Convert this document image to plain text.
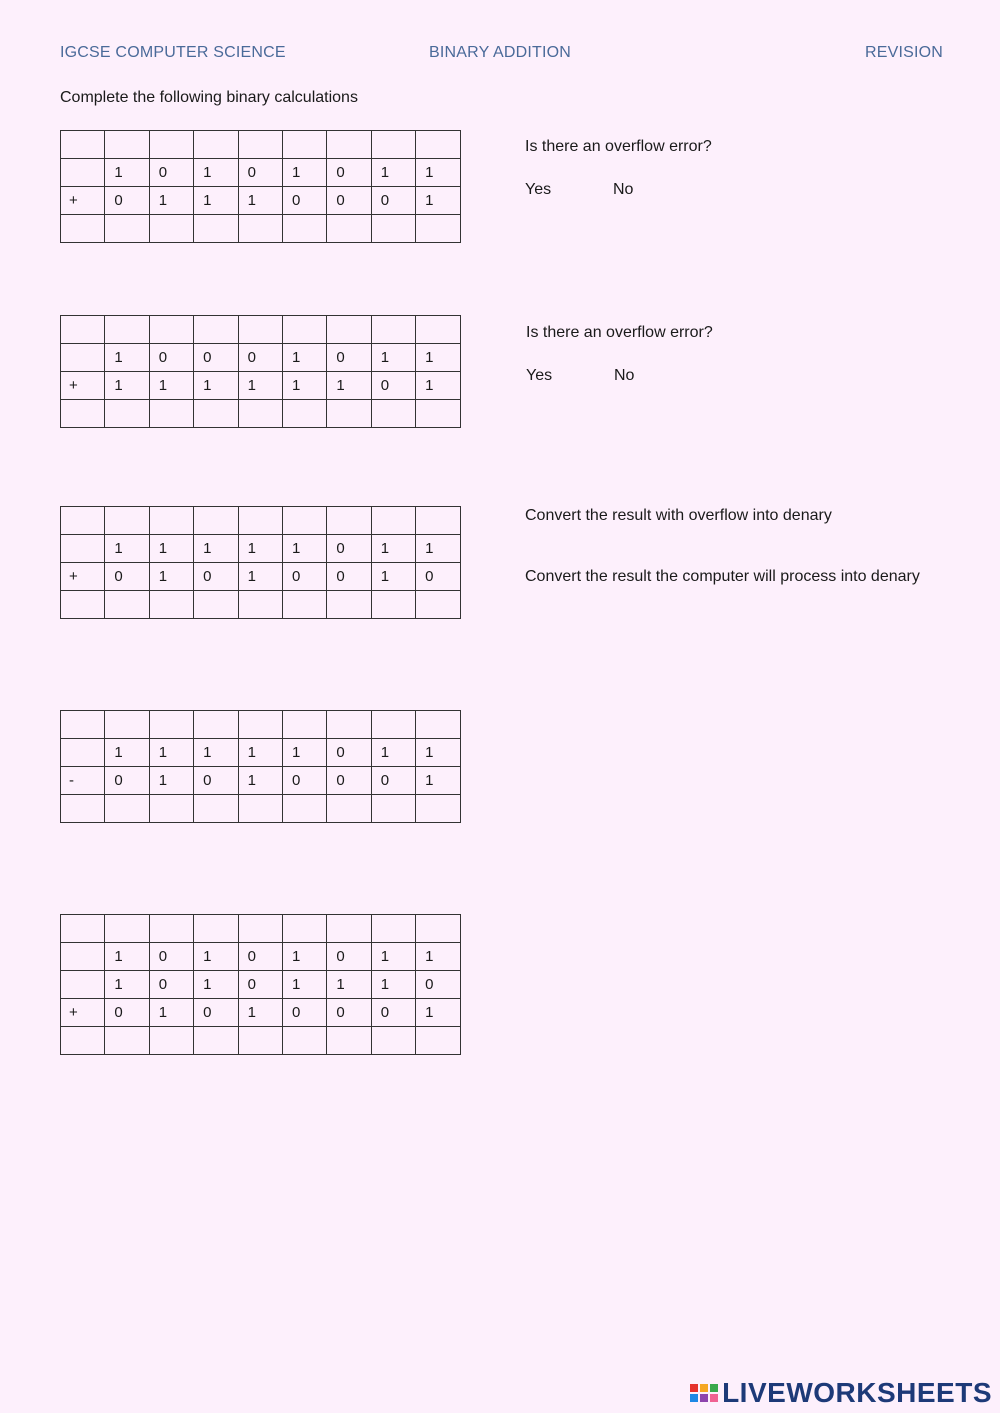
IGCSE COMPUTER SCIENCE	BINARY ADDITION	REVISION
Complete the following binary calculations

	1	0	1	0	1	0	1	1
+	0	1	1	1	0	0	0	1

	1	0	0	0	1	0	1	1
+	1	1	1	1	1	1	0	1

	1	1	1	1	1	0	1	1
+	0	1	0	1	0	0	1	0

	1	1	1	1	1	0	1	1
-	0	1	0	1	0	0	0	1

	1	0	1	0	1	0	1	1
	1	0	1	0	1	1	1	0
+	0	1	0	1	0	0	0	1

Is there an overflow error?
Yes	No
Is there an overflow error?
Yes	No
Convert the result with overflow into denary
Convert the result the computer will process into denary
LIVEWORKSHEETS
